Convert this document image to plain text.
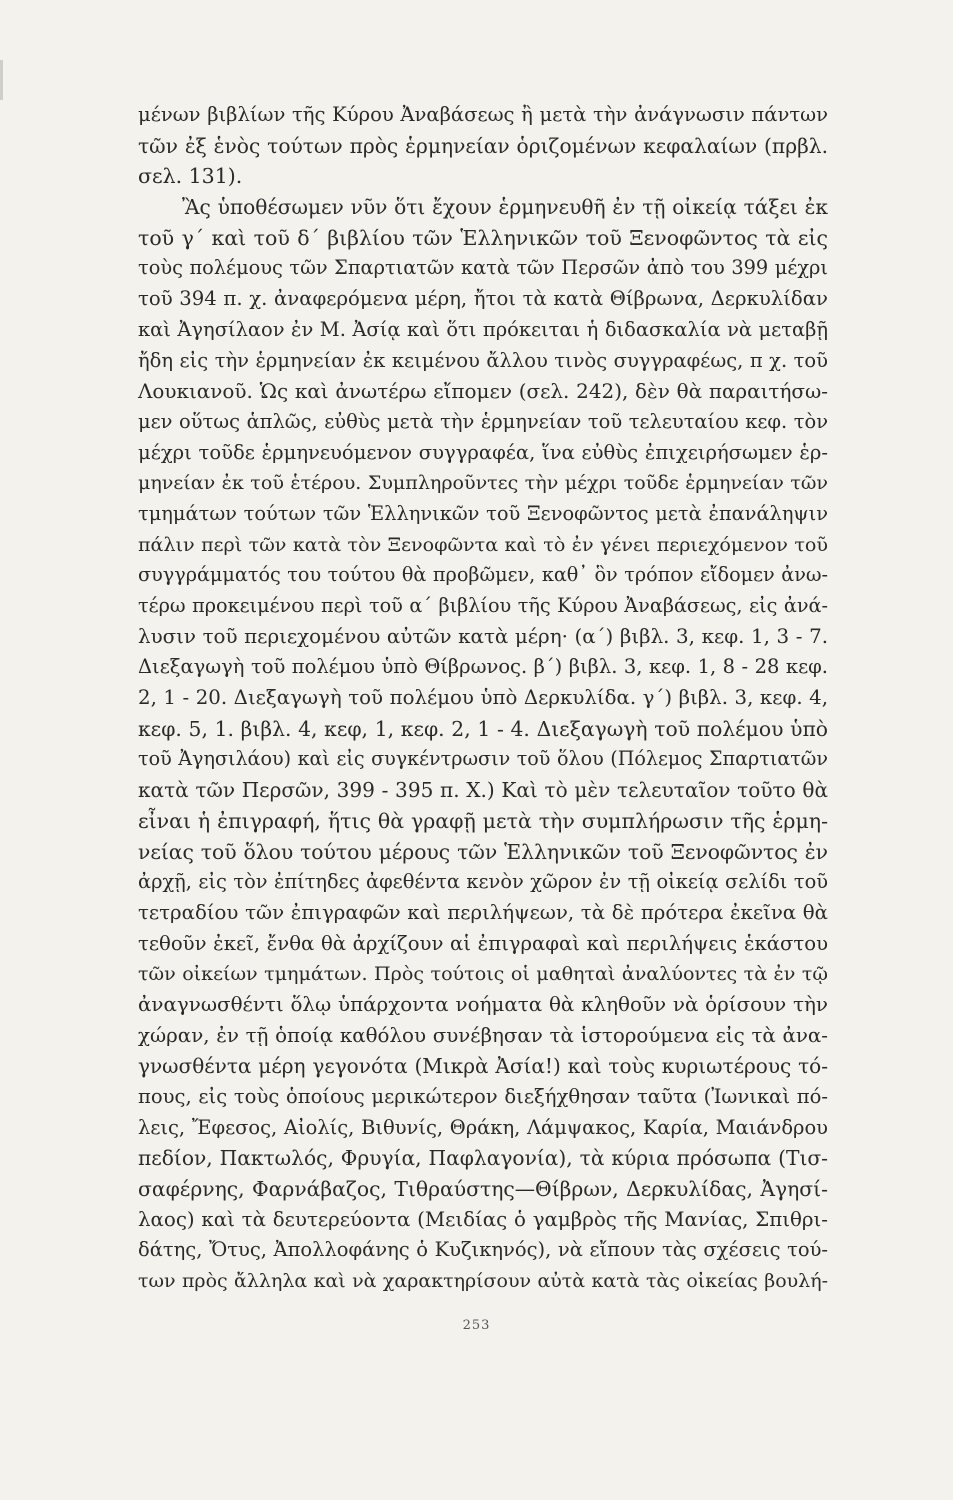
μένων βιβλίων τῆς Κύρου Ἀναβάσεως ἢ μετὰ τὴν ἀνάγνωσιν πάντων
τῶν ἐξ ἑνὸς τούτων πρὸς ἑρμηνείαν ὁριζομένων κεφαλαίων (πρβλ.
σελ. 131).
Ἂς ὑποθέσωμεν νῦν ὅτι ἔχουν ἑρμηνευθῆ ἐν τῇ οἰκείᾳ τάξει ἐκ
τοῦ γ΄ καὶ τοῦ δ΄ βιβλίου τῶν Ἑλληνικῶν τοῦ Ξενοφῶντος τὰ εἰς
τοὺς πολέμους τῶν Σπαρτιατῶν κατὰ τῶν Περσῶν ἀπὸ του 399 μέχρι
τοῦ 394 π. χ. ἀναφερόμενα μέρη, ἤτοι τὰ κατὰ Θίβρωνα, Δερκυλίδαν
καὶ Ἀγησίλαον ἐν Μ. Ἀσίᾳ καὶ ὅτι πρόκειται ἡ διδασκαλία νὰ μεταβῇ
ἤδη εἰς τὴν ἑρμηνείαν ἐκ κειμένου ἄλλου τινὸς συγγραφέως, π χ. τοῦ
Λουκιανοῦ. Ὡς καὶ ἀνωτέρω εἴπομεν (σελ. 242), δὲν θὰ παραιτήσω-
μεν οὕτως ἁπλῶς, εὐθὺς μετὰ τὴν ἑρμηνείαν τοῦ τελευταίου κεφ. τὸν
μέχρι τοῦδε ἑρμηνευόμενον συγγραφέα, ἵνα εὐθὺς ἐπιχειρήσωμεν ἑρ-
μηνείαν ἐκ τοῦ ἑτέρου. Συμπληροῦντες τὴν μέχρι τοῦδε ἑρμηνείαν τῶν
τμημάτων τούτων τῶν Ἑλληνικῶν τοῦ Ξενοφῶντος μετὰ ἐπανάληψιν
πάλιν περὶ τῶν κατὰ τὸν Ξενοφῶντα καὶ τὸ ἐν γένει περιεχόμενον τοῦ
συγγράμματός του τούτου θὰ προβῶμεν, καθ᾿ ὃν τρόπον εἴδομεν ἀνω-
τέρω προκειμένου περὶ τοῦ α΄ βιβλίου τῆς Κύρου Ἀναβάσεως, εἰς ἀνά-
λυσιν τοῦ περιεχομένου αὐτῶν κατὰ μέρη· (α΄) βιβλ. 3, κεφ. 1, 3 - 7.
Διεξαγωγὴ τοῦ πολέμου ὑπὸ Θίβρωνος. β΄) βιβλ. 3, κεφ. 1, 8 - 28 κεφ.
2, 1 - 20. Διεξαγωγὴ τοῦ πολέμου ὑπὸ Δερκυλίδα. γ΄) βιβλ. 3, κεφ. 4,
κεφ. 5, 1. βιβλ. 4, κεφ, 1, κεφ. 2, 1 - 4. Διεξαγωγὴ τοῦ πολέμου ὑπὸ
τοῦ Ἀγησιλάου) καὶ εἰς συγκέντρωσιν τοῦ ὅλου (Πόλεμος Σπαρτιατῶν
κατὰ τῶν Περσῶν, 399 - 395 π. Χ.) Καὶ τὸ μὲν τελευταῖον τοῦτο θὰ
εἶναι ἡ ἐπιγραφή, ἥτις θὰ γραφῇ μετὰ τὴν συμπλήρωσιν τῆς ἑρμη-
νείας τοῦ ὅλου τούτου μέρους τῶν Ἑλληνικῶν τοῦ Ξενοφῶντος ἐν
ἀρχῇ, εἰς τὸν ἐπίτηδες ἀφεθέντα κενὸν χῶρον ἐν τῇ οἰκείᾳ σελίδι τοῦ
τετραδίου τῶν ἐπιγραφῶν καὶ περιλήψεων, τὰ δὲ πρότερα ἐκεῖνα θὰ
τεθοῦν ἐκεῖ, ἔνθα θὰ ἀρχίζουν αἱ ἐπιγραφαὶ καὶ περιλήψεις ἑκάστου
τῶν οἰκείων τμημάτων. Πρὸς τούτοις οἱ μαθηταὶ ἀναλύοντες τὰ ἐν τῷ
ἀναγνωσθέντι ὅλῳ ὑπάρχοντα νοήματα θὰ κληθοῦν νὰ ὁρίσουν τὴν
χώραν, ἐν τῇ ὁποίᾳ καθόλου συνέβησαν τὰ ἱστορούμενα εἰς τὰ ἀνα-
γνωσθέντα μέρη γεγονότα (Μικρὰ Ἀσία!) καὶ τοὺς κυριωτέρους τό-
πους, εἰς τοὺς ὁποίους μερικώτερον διεξήχθησαν ταῦτα (Ἰωνικαὶ πό-
λεις, Ἔφεσος, Αἰολίς, Βιθυνίς, Θράκη, Λάμψακος, Καρία, Μαιάνδρου
πεδίον, Πακτωλός, Φρυγία, Παφλαγονία), τὰ κύρια πρόσωπα (Τισ-
σαφέρνης, Φαρνάβαζος, Τιθραύστης—Θίβρων, Δερκυλίδας, Ἀγησί-
λαος) καὶ τὰ δευτερεύοντα (Μειδίας ὁ γαμβρὸς τῆς Μανίας, Σπιθρι-
δάτης, Ὄτυς, Ἀπολλοφάνης ὁ Κυζικηνός), νὰ εἴπουν τὰς σχέσεις τού-
των πρὸς ἄλληλα καὶ νὰ χαρακτηρίσουν αὐτὰ κατὰ τὰς οἰκείας βουλή-
253
